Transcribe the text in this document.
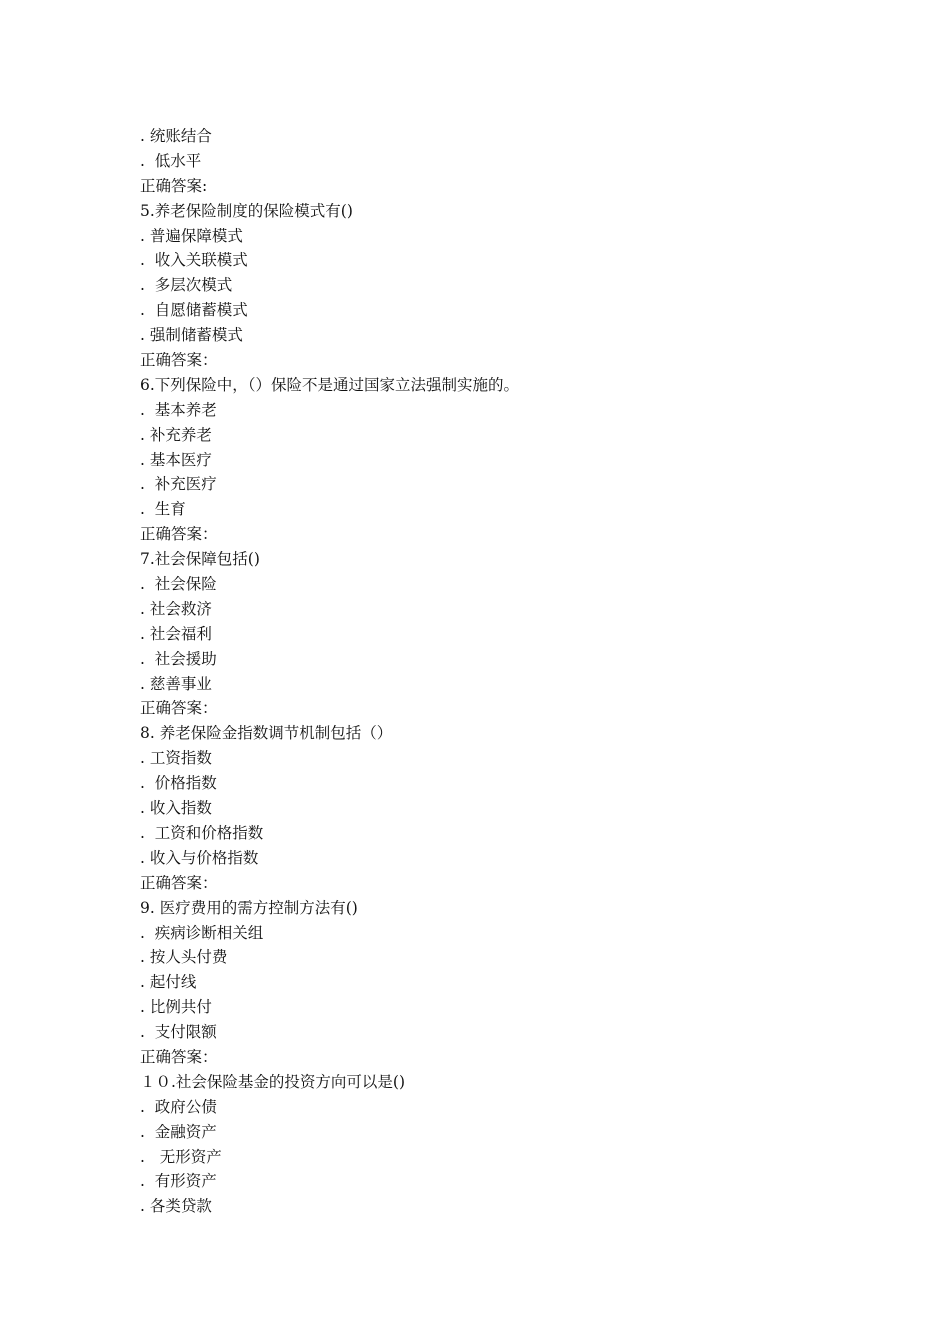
. 统账结合
.  低水平
正确答案:
5.养老保险制度的保险模式有()
. 普遍保障模式
.  收入关联模式
.  多层次模式
.  自愿储蓄模式
. 强制储蓄模式
正确答案：
6.下列保险中，（）保险不是通过国家立法强制实施的。
.  基本养老
. 补充养老
. 基本医疗
.  补充医疗
.  生育
正确答案：
7.社会保障包括()
.  社会保险
. 社会救济
. 社会福利
.  社会援助
. 慈善事业
正确答案：
8. 养老保险金指数调节机制包括（）
. 工资指数
.  价格指数
. 收入指数
.  工资和价格指数
. 收入与价格指数
正确答案：
9. 医疗费用的需方控制方法有()
.  疾病诊断相关组
. 按人头付费
. 起付线
. 比例共付
.  支付限额
正确答案：
１０.社会保险基金的投资方向可以是()
.  政府公债
.  金融资产
.   无形资产
.  有形资产
. 各类贷款
